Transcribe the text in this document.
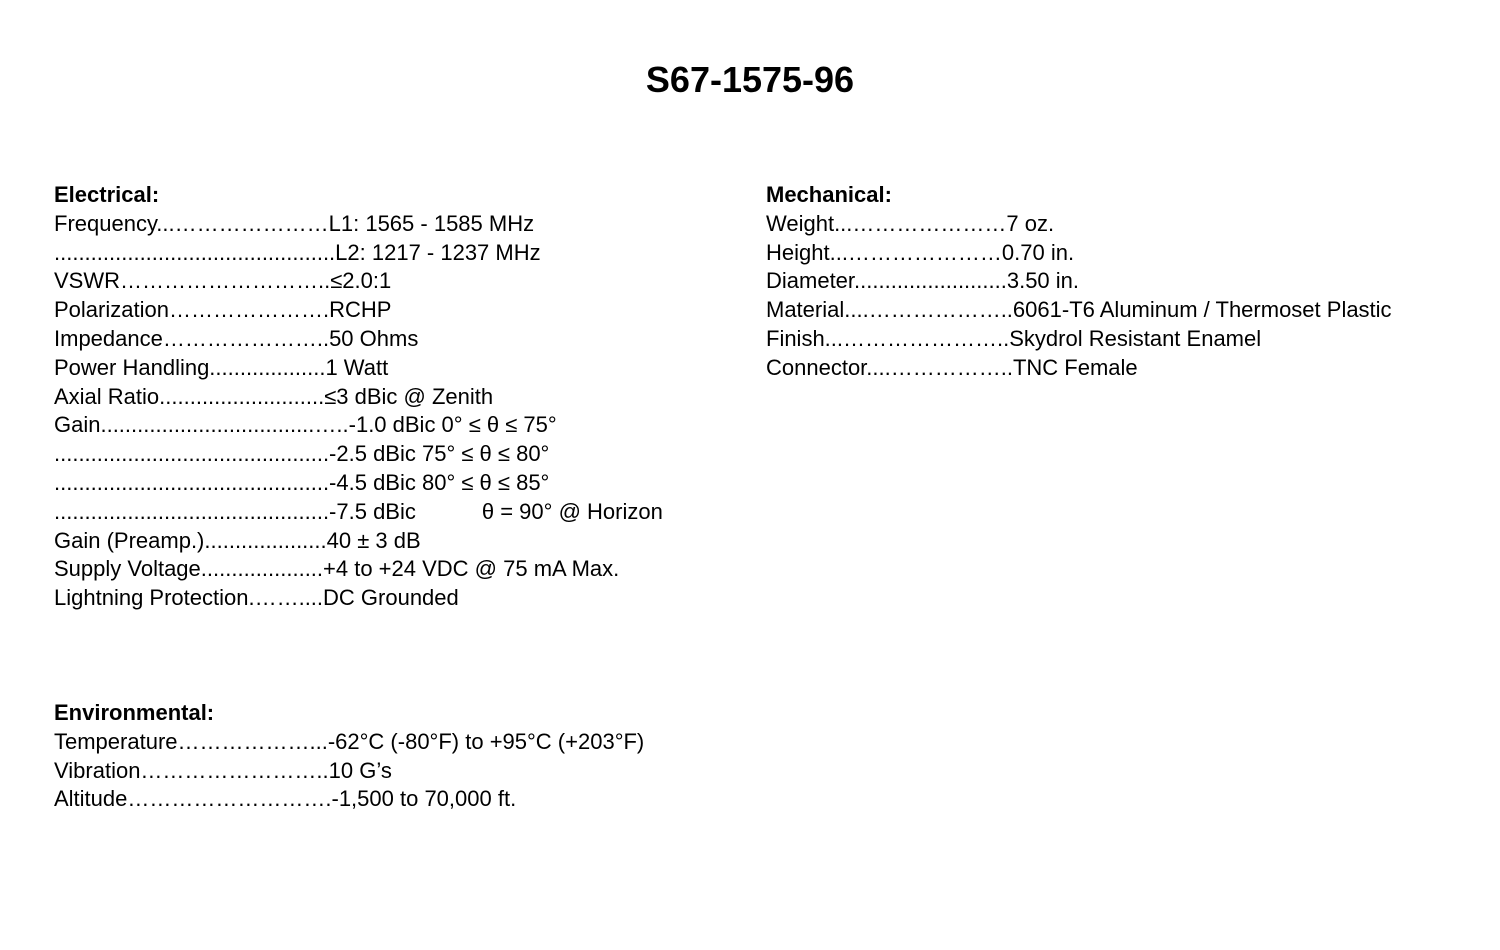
S67-1575-96
Electrical:
Frequency...…………………L1: 1565 - 1585 MHz
..............................................L2: 1217 - 1237 MHz
VSWR………………………..≤2.0:1
Polarization………………….RCHP
Impedance…………………..50 Ohms
Power Handling...................1 Watt
Axial Ratio...........................≤3 dBic @ Zenith
Gain...................................…..-1.0 dBic 0° ≤ θ ≤ 75°
.............................................-2.5 dBic 75° ≤ θ ≤ 80°
.............................................-4.5 dBic 80° ≤ θ ≤ 85°
.............................................-7.5 dBic	θ = 90° @ Horizon
Gain (Preamp.)....................40 ± 3 dB
Supply Voltage....................+4 to +24 VDC @ 75 mA Max.
Lightning Protection.……....DC Grounded
Mechanical:
Weight...…………………7 oz.
Height...…………………0.70 in.
Diameter.........................3.50 in.
Material....………………..6061-T6 Aluminum / Thermoset Plastic
Finish...…………………..Skydrol Resistant Enamel
Connector....……………..TNC Female
Environmental:
Temperature………………...-62°C (-80°F) to +95°C (+203°F)
Vibration……………………..10 G’s
Altitude……………………….-1,500 to 70,000 ft.
